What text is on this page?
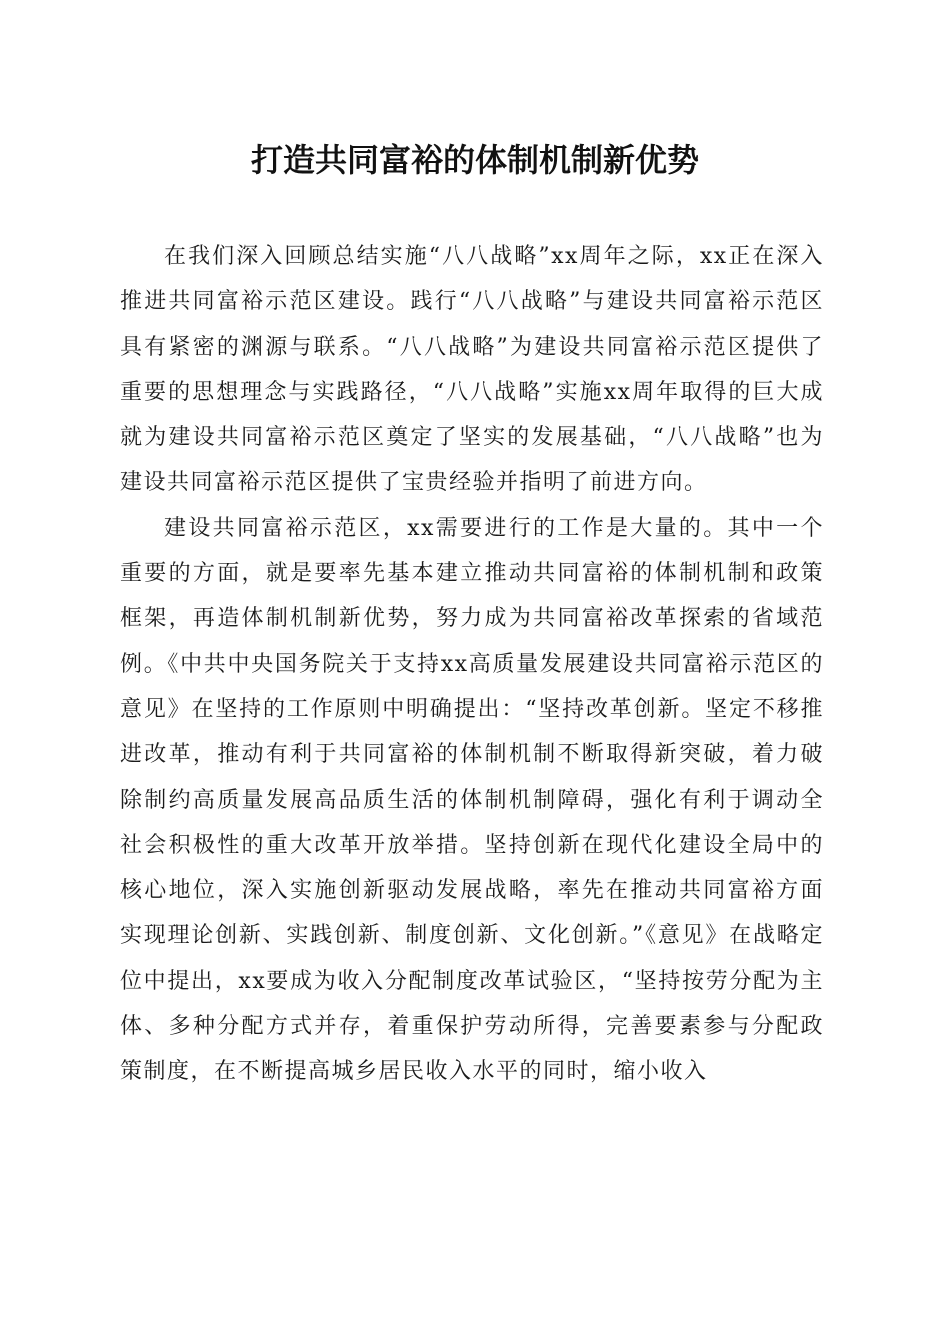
打造共同富裕的体制机制新优势

在我们深入回顾总结实施“八八战略”xx周年之际，xx正在深入推进共同富裕示范区建设。践行“八八战略”与建设共同富裕示范区具有紧密的渊源与联系。“八八战略”为建设共同富裕示范区提供了重要的思想理念与实践路径，“八八战略”实施xx周年取得的巨大成就为建设共同富裕示范区奠定了坚实的发展基础，“八八战略”也为建设共同富裕示范区提供了宝贵经验并指明了前进方向。

建设共同富裕示范区，xx需要进行的工作是大量的。其中一个重要的方面，就是要率先基本建立推动共同富裕的体制机制和政策框架，再造体制机制新优势，努力成为共同富裕改革探索的省域范例。《中共中央国务院关于支持xx高质量发展建设共同富裕示范区的意见》在坚持的工作原则中明确提出：“坚持改革创新。坚定不移推进改革，推动有利于共同富裕的体制机制不断取得新突破，着力破除制约高质量发展高品质生活的体制机制障碍，强化有利于调动全社会积极性的重大改革开放举措。坚持创新在现代化建设全局中的核心地位，深入实施创新驱动发展战略，率先在推动共同富裕方面实现理论创新、实践创新、制度创新、文化创新。”《意见》在战略定位中提出，xx要成为收入分配制度改革试验区，“坚持按劳分配为主体、多种分配方式并存，着重保护劳动所得，完善要素参与分配政策制度，在不断提高城乡居民收入水平的同时，缩小收入
